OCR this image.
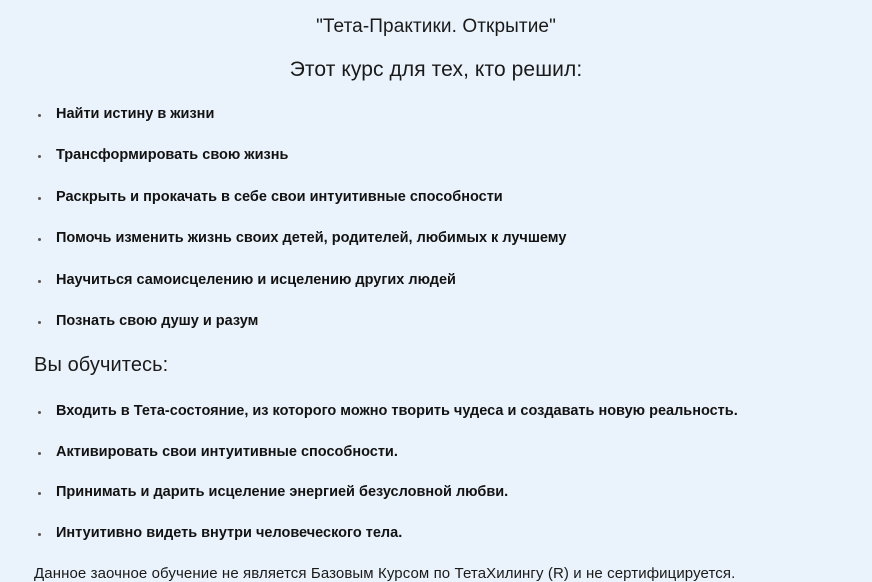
"Тета-Практики. Открытие"
Этот курс для тех, кто решил:
Найти истину в жизни
Трансформировать свою жизнь
Раскрыть и прокачать в себе свои интуитивные способности
Помочь изменить жизнь своих детей, родителей, любимых к лучшему
Научиться самоисцелению и исцелению других людей
Познать свою душу и разум
Вы обучитесь:
Входить в Тета-состояние, из которого можно творить чудеса и создавать новую реальность.
Активировать свои интуитивные способности.
Принимать и дарить исцеление энергией безусловной любви.
Интуитивно видеть внутри человеческого тела.
Данное заочное обучение не является Базовым Курсом по ТетаХилингу (R) и не сертифицируется.
